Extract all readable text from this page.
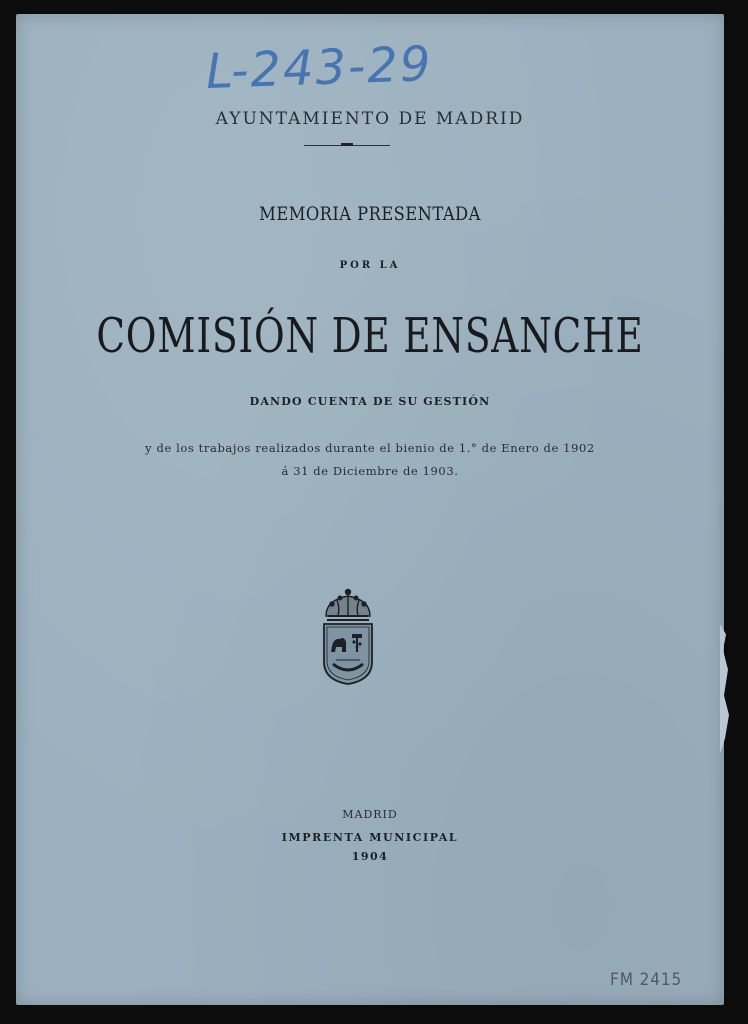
L-243-29
AYUNTAMIENTO DE MADRID
MEMORIA PRESENTADA
POR LA
COMISIÓN DE ENSANCHE
DANDO CUENTA DE SU GESTIÓN
y de los trabajos realizados durante el bienio de 1.° de Enero de 1902
á 31 de Diciembre de 1903.
MADRID
IMPRENTA MUNICIPAL
1904
FM 2415
